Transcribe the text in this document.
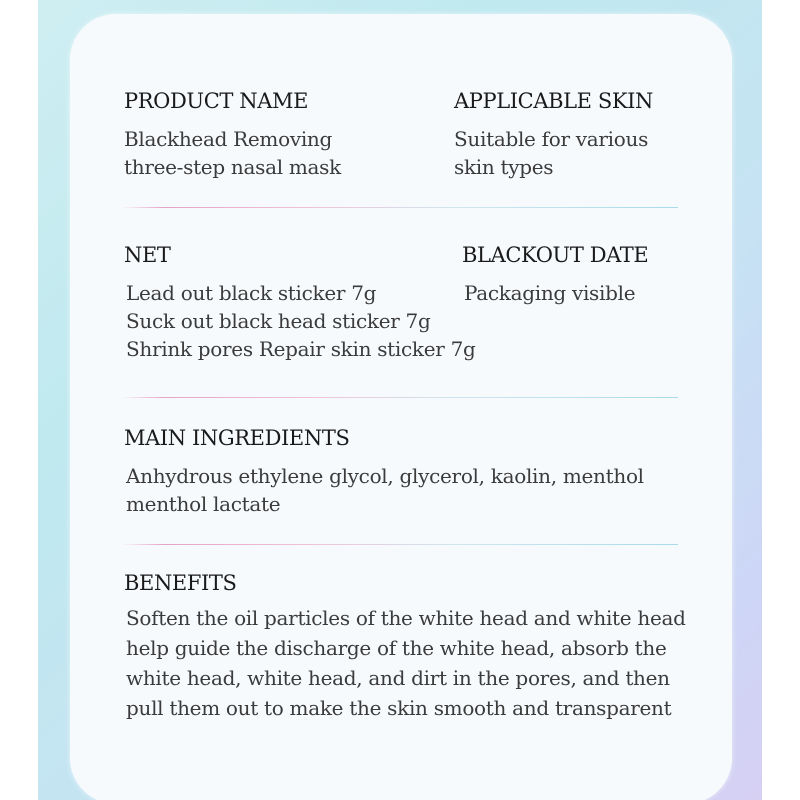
PRODUCT NAME

Blackhead Removing

three-step nasal mask

APPLICABLE SKIN

Suitable for various

skin types

NET

Lead out black sticker 7g

Suck out black head sticker 7g

Shrink pores Repair skin sticker 7g

BLACKOUT DATE

Packaging visible

MAIN INGREDIENTS

Anhydrous ethylene glycol, glycerol, kaolin, menthol

menthol lactate

BENEFITS

Soften the oil particles of the white head and white head

help guide the discharge of the white head, absorb the

white head, white head, and dirt in the pores, and then

pull them out to make the skin smooth and transparent
